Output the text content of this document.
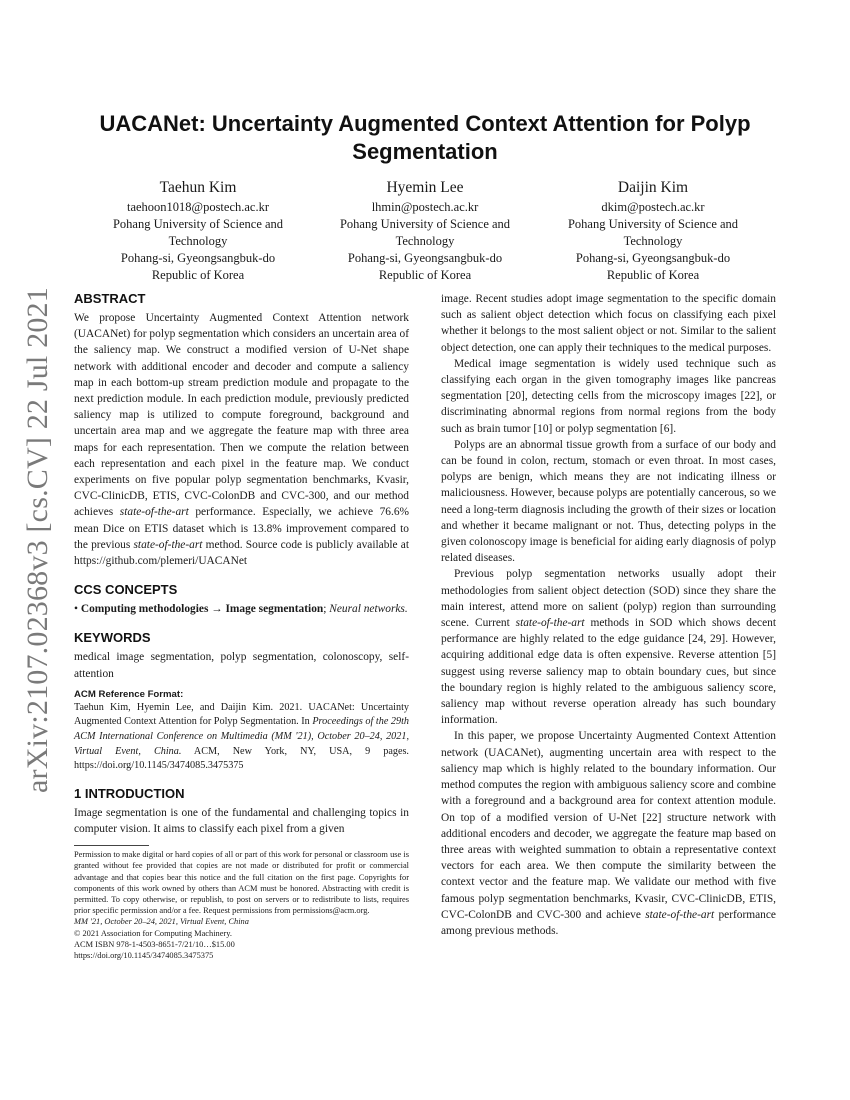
arXiv:2107.02368v3 [cs.CV] 22 Jul 2021
UACANet: Uncertainty Augmented Context Attention for Polyp Segmentation
Taehun Kim
taehoon1018@postech.ac.kr
Pohang University of Science and Technology
Pohang-si, Gyeongsangbuk-do
Republic of Korea
Hyemin Lee
lhmin@postech.ac.kr
Pohang University of Science and Technology
Pohang-si, Gyeongsangbuk-do
Republic of Korea
Daijin Kim
dkim@postech.ac.kr
Pohang University of Science and Technology
Pohang-si, Gyeongsangbuk-do
Republic of Korea
ABSTRACT

We propose Uncertainty Augmented Context Attention network (UACANet) for polyp segmentation which considers an uncertain area of the saliency map. We construct a modified version of U-Net shape network with additional encoder and decoder and compute a saliency map in each bottom-up stream prediction module and propagate to the next prediction module. In each prediction module, previously predicted saliency map is utilized to compute foreground, background and uncertain area map and we aggregate the feature map with three area maps for each representation. Then we compute the relation between each representation and each pixel in the feature map. We conduct experiments on five popular polyp segmentation benchmarks, Kvasir, CVC-ClinicDB, ETIS, CVC-ColonDB and CVC-300, and our method achieves state-of-the-art performance. Especially, we achieve 76.6% mean Dice on ETIS dataset which is 13.8% improvement compared to the previous state-of-the-art method. Source code is publicly available at https://github.com/plemeri/UACANet

CCS CONCEPTS

• Computing methodologies → Image segmentation; Neural networks.

KEYWORDS

medical image segmentation, polyp segmentation, colonoscopy, self-attention

ACM Reference Format:

Taehun Kim, Hyemin Lee, and Daijin Kim. 2021. UACANet: Uncertainty Augmented Context Attention for Polyp Segmentation. In Proceedings of the 29th ACM International Conference on Multimedia (MM '21), October 20–24, 2021, Virtual Event, China. ACM, New York, NY, USA, 9 pages. https://doi.org/10.1145/3474085.3475375

1 INTRODUCTION

Image segmentation is one of the fundamental and challenging topics in computer vision. It aims to classify each pixel from a given

Permission to make digital or hard copies of all or part of this work for personal or classroom use is granted without fee provided that copies are not made or distributed for profit or commercial advantage and that copies bear this notice and the full citation on the first page. Copyrights for components of this work owned by others than ACM must be honored. Abstracting with credit is permitted. To copy otherwise, or republish, to post on servers or to redistribute to lists, requires prior specific permission and/or a fee. Request permissions from permissions@acm.org.

MM '21, October 20–24, 2021, Virtual Event, China

© 2021 Association for Computing Machinery.

ACM ISBN 978-1-4503-8651-7/21/10…$15.00

https://doi.org/10.1145/3474085.3475375

image. Recent studies adopt image segmentation to the specific domain such as salient object detection which focus on classifying each pixel whether it belongs to the most salient object or not. Similar to the salient object detection, one can apply their techniques to the medical purposes.

Medical image segmentation is widely used technique such as classifying each organ in the given tomography images like pancreas segmentation [20], detecting cells from the microscopy images [22], or discriminating abnormal regions from normal regions from the body such as brain tumor [10] or polyp segmentation [6].

Polyps are an abnormal tissue growth from a surface of our body and can be found in colon, rectum, stomach or even throat. In most cases, polyps are benign, which means they are not indicating illness or maliciousness. However, because polyps are potentially cancerous, so we need a long-term diagnosis including the growth of their sizes or location and whether it became malignant or not. Thus, detecting polyps in the given colonoscopy image is beneficial for aiding early diagnosis of polyp related diseases.

Previous polyp segmentation networks usually adopt their methodologies from salient object detection (SOD) since they share the main interest, attend more on salient (polyp) region than surrounding scene. Current state-of-the-art methods in SOD which shows decent performance are highly related to the edge guidance [24, 29]. However, acquiring additional edge data is often expensive. Reverse attention [5] suggest using reverse saliency map to obtain boundary cues, but since the boundary region is highly related to the ambiguous saliency score, saliency map without reverse operation already has such boundary information.

In this paper, we propose Uncertainty Augmented Context Attention network (UACANet), augmenting uncertain area with respect to the saliency map which is highly related to the boundary information. Our method computes the region with ambiguous saliency score and combine with a foreground and a background area for context attention module. On top of a modified version of U-Net [22] structure network with additional encoders and decoder, we aggregate the feature map based on three areas with weighted summation to obtain a representative context vectors for each area. We then compute the similarity between the context vector and the feature map. We validate our method with five famous polyp segmentation benchmarks, Kvasir, CVC-ClinicDB, ETIS, CVC-ColonDB and CVC-300 and achieve state-of-the-art performance among previous methods.
